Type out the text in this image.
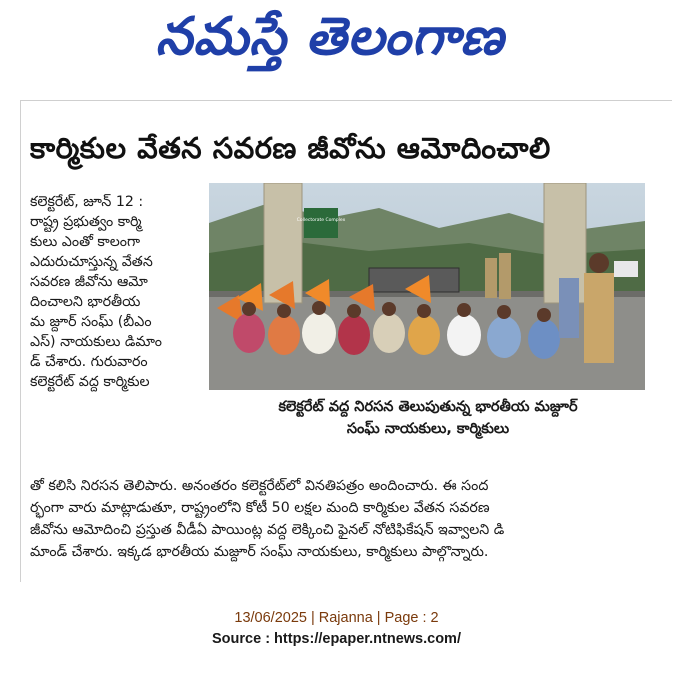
నమస్తే తెలంగాణ
కార్మికుల వేతన సవరణ జీవోను ఆమోదించాలి

కలెక్టరేట్‌, జూన్‌ 12 :

రాష్ట్ర ప్రభుత్వం కార్మి

కులు ఎంతో కాలంగా

ఎదురుచూస్తున్న వేతన

సవరణ జీవోను ఆమో

దించాలని భారతీయ

మ జ్దూర్‌ సంఘ్‌ (బీఎం

ఎస్‌) నాయకులు డిమాం

డ్‌ చేశారు. గురువారం

కలెక్టరేట్‌ వద్ద కార్మికుల

Collectorate Complex

కలెక్టరేట్‌ వద్ద నిరసన తెలుపుతున్న భారతీయ మజ్దూర్‌

సంఘ్‌ నాయకులు, కార్మికులు

తో కలిసి నిరసన తెలిపారు. అనంతరం కలెక్టరేట్‌లో వినతిపత్రం అందించారు. ఈ సంద

ర్భంగా వారు మాట్లాడుతూ, రాష్ట్రంలోని కోటీ 50 లక్షల మంది కార్మికుల వేతన సవరణ

జీవోను ఆమోదించి ప్రస్తుత వీడీఏ పాయింట్ల వద్ద లెక్కించి ఫైనల్‌ నోటిఫికేషన్‌ ఇవ్వాలని డి

మాండ్‌ చేశారు. ఇక్కడ భారతీయ మజ్దూర్‌ సంఘ్‌ నాయకులు, కార్మికులు పాల్గొన్నారు.

13/06/2025 | Rajanna | Page : 2

Source : https://epaper.ntnews.com/
